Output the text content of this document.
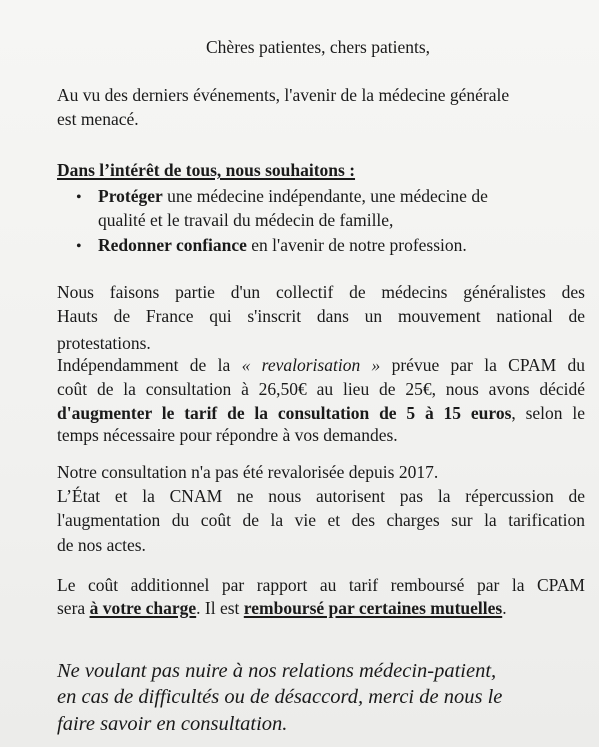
Chères patientes, chers patients,
Au vu des derniers événements, l'avenir de la médecine générale
est menacé.
Dans l’intérêt de tous, nous souhaitons :
• Protéger une médecine indépendante, une médecine de
qualité et le travail du médecin de famille,
• Redonner confiance en l'avenir de notre profession.
Nous faisons partie d'un collectif de médecins généralistes des
Hauts de France qui s'inscrit dans un mouvement national de
protestations.
Indépendamment de la « revalorisation » prévue par la CPAM du
coût de la consultation à 26,50€ au lieu de 25€, nous avons décidé
d'augmenter le tarif de la consultation de 5 à 15 euros, selon le
temps nécessaire pour répondre à vos demandes.
Notre consultation n'a pas été revalorisée depuis 2017.
L’État et la CNAM ne nous autorisent pas la répercussion de
l'augmentation du coût de la vie et des charges sur la tarification
de nos actes.
Le coût additionnel par rapport au tarif remboursé par la CPAM
sera à votre charge. Il est remboursé par certaines mutuelles.
Ne voulant pas nuire à nos relations médecin-patient,
en cas de difficultés ou de désaccord, merci de nous le
faire savoir en consultation.
